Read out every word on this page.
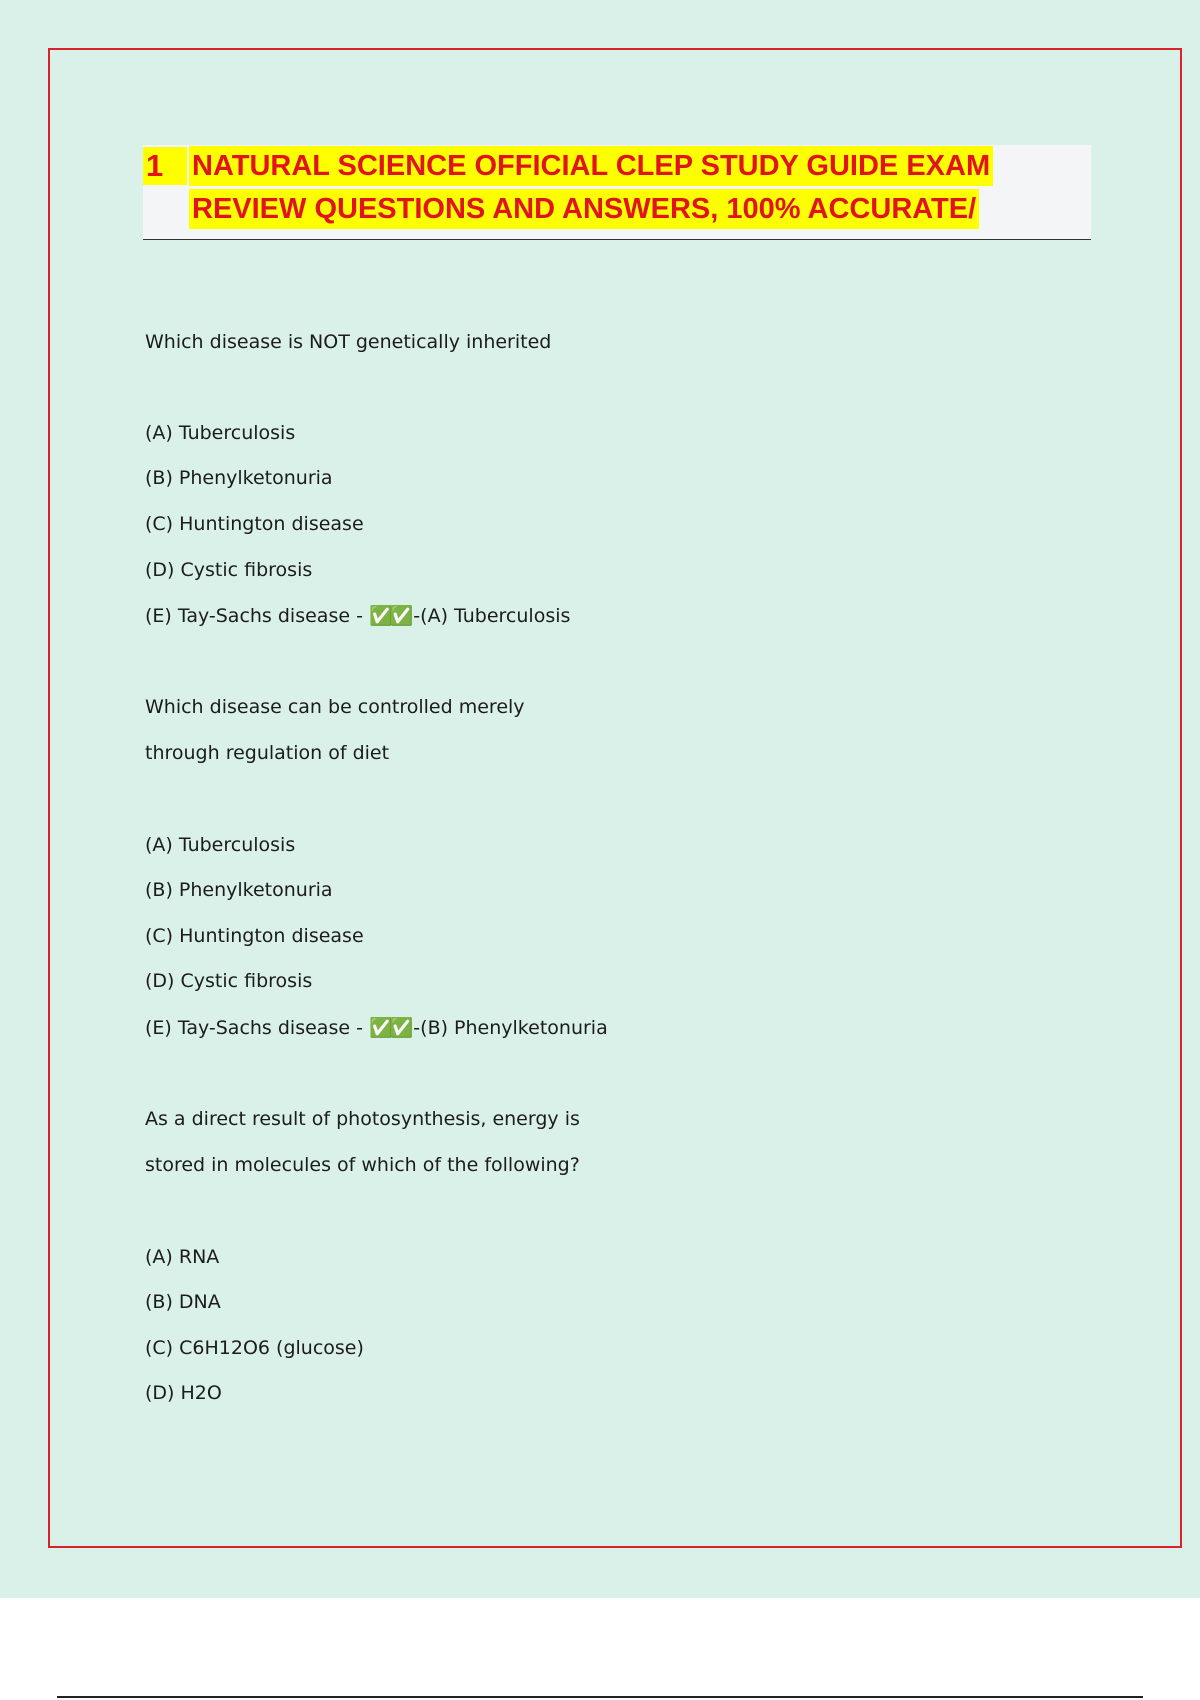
1 NATURAL SCIENCE OFFICIAL CLEP STUDY GUIDE EXAM
REVIEW QUESTIONS AND ANSWERS, 100% ACCURATE/
Which disease is NOT genetically inherited
(A) Tuberculosis
(B) Phenylketonuria
(C) Huntington disease
(D) Cystic fibrosis
(E) Tay-Sachs disease - ✅✅ -(A) Tuberculosis
Which disease can be controlled merely
through regulation of diet
(A) Tuberculosis
(B) Phenylketonuria
(C) Huntington disease
(D) Cystic fibrosis
(E) Tay-Sachs disease - ✅✅ -(B) Phenylketonuria
As a direct result of photosynthesis, energy is
stored in molecules of which of the following?
(A) RNA
(B) DNA
(C) C6H12O6 (glucose)
(D) H2O
